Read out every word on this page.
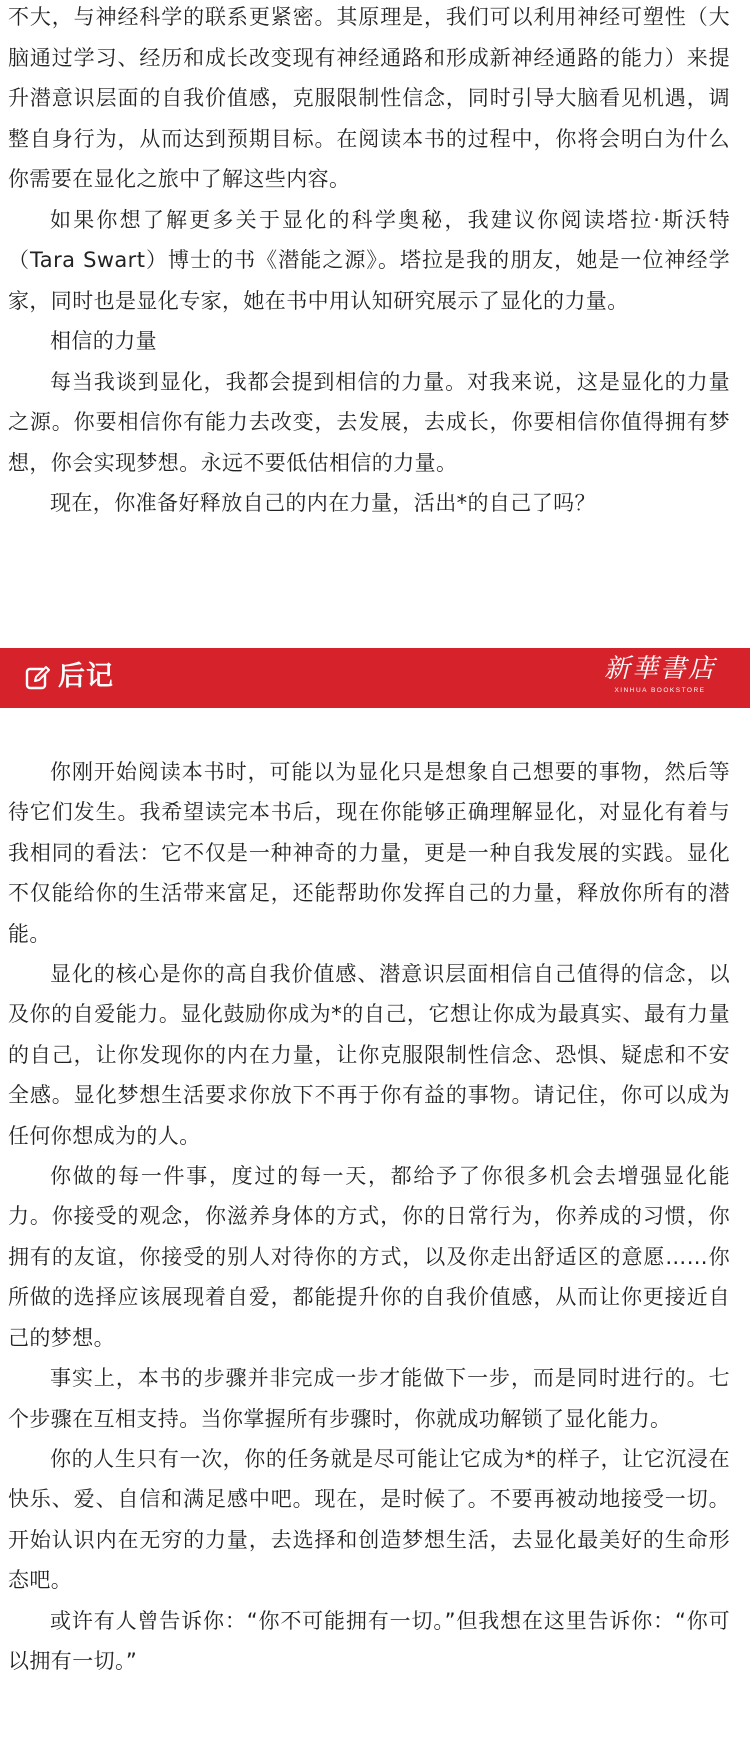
不大，与神经科学的联系更紧密。其原理是，我们可以利用神经可塑性（大脑通过学习、经历和成长改变现有神经通路和形成新神经通路的能力）来提升潜意识层面的自我价值感，克服限制性信念，同时引导大脑看见机遇，调整自身行为，从而达到预期目标。在阅读本书的过程中，你将会明白为什么你需要在显化之旅中了解这些内容。

如果你想了解更多关于显化的科学奥秘，我建议你阅读塔拉·斯沃特（Tara Swart）博士的书《潜能之源》。塔拉是我的朋友，她是一位神经学家，同时也是显化专家，她在书中用认知研究展示了显化的力量。

相信的力量

每当我谈到显化，我都会提到相信的力量。对我来说，这是显化的力量之源。你要相信你有能力去改变，去发展，去成长，你要相信你值得拥有梦想，你会实现梦想。永远不要低估相信的力量。

现在，你准备好释放自己的内在力量，活出*的自己了吗？

后记	新華書店
XINHUA BOOKSTORE

你刚开始阅读本书时，可能以为显化只是想象自己想要的事物，然后等待它们发生。我希望读完本书后，现在你能够正确理解显化，对显化有着与我相同的看法：它不仅是一种神奇的力量，更是一种自我发展的实践。显化不仅能给你的生活带来富足，还能帮助你发挥自己的力量，释放你所有的潜能。

显化的核心是你的高自我价值感、潜意识层面相信自己值得的信念，以及你的自爱能力。显化鼓励你成为*的自己，它想让你成为最真实、最有力量的自己，让你发现你的内在力量，让你克服限制性信念、恐惧、疑虑和不安全感。显化梦想生活要求你放下不再于你有益的事物。请记住，你可以成为任何你想成为的人。

你做的每一件事，度过的每一天，都给予了你很多机会去增强显化能力。你接受的观念，你滋养身体的方式，你的日常行为，你养成的习惯，你拥有的友谊，你接受的别人对待你的方式，以及你走出舒适区的意愿……你所做的选择应该展现着自爱，都能提升你的自我价值感，从而让你更接近自己的梦想。

事实上，本书的步骤并非完成一步才能做下一步，而是同时进行的。七个步骤在互相支持。当你掌握所有步骤时，你就成功解锁了显化能力。

你的人生只有一次，你的任务就是尽可能让它成为*的样子，让它沉浸在快乐、爱、自信和满足感中吧。现在，是时候了。不要再被动地接受一切。开始认识内在无穷的力量，去选择和创造梦想生活，去显化最美好的生命形态吧。

或许有人曾告诉你：“你不可能拥有一切。”但我想在这里告诉你：“你可以拥有一切。”
